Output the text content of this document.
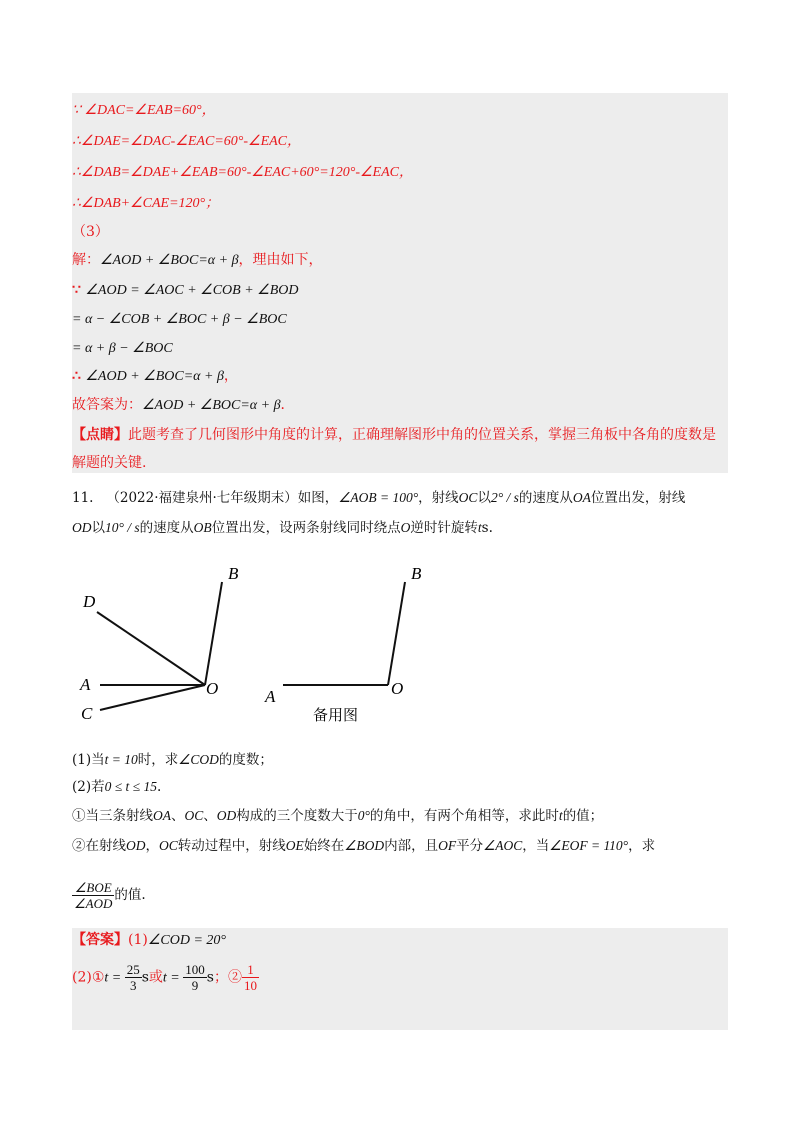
∵ ∠DAC=∠EAB=60°，
∴∠DAE=∠DAC-∠EAC=60°-∠EAC，
∴∠DAB=∠DAE+∠EAB=60°-∠EAC+60°=120°-∠EAC，
∴∠DAB+∠CAE=120°；
（3）
解：∠AOD + ∠BOC=α + β，理由如下，
∵ ∠AOD = ∠AOC + ∠COB + ∠BOD
= α − ∠COB + ∠BOC + β − ∠BOC
= α + β − ∠BOC
∴ ∠AOD + ∠BOC=α + β，
故答案为：∠AOD + ∠BOC=α + β．
【点睛】此题考查了几何图形中角度的计算，正确理解图形中角的位置关系，掌握三角板中各角的度数是
解题的关键.
11. （2022·福建泉州·七年级期末）如图，∠AOB = 100°，射线OC以2° / s的速度从OA位置出发，射线
OD以10° / s的速度从OB位置出发，设两条射线同时绕点O逆时针旋转ts.
B
D
A
C
O
B
A	O
备用图
(1)当t = 10时，求∠COD的度数；
(2)若0 ≤ t ≤ 15.
①当三条射线OA、OC、OD构成的三个度数大于0°的角中，有两个角相等，求此时t的值；
②在射线OD，OC转动过程中，射线OE始终在∠BOD内部，且OF平分∠AOC，当∠EOF = 110°，求
$\frac{\text{∠BOE}}{\text{∠AOD}}$ 的值.
【答案】(1)∠COD = 20°
(2)①t = $\frac{25}{3}$ s或$t = \frac{100}{9}$ s；② $\frac{1}{10}$
